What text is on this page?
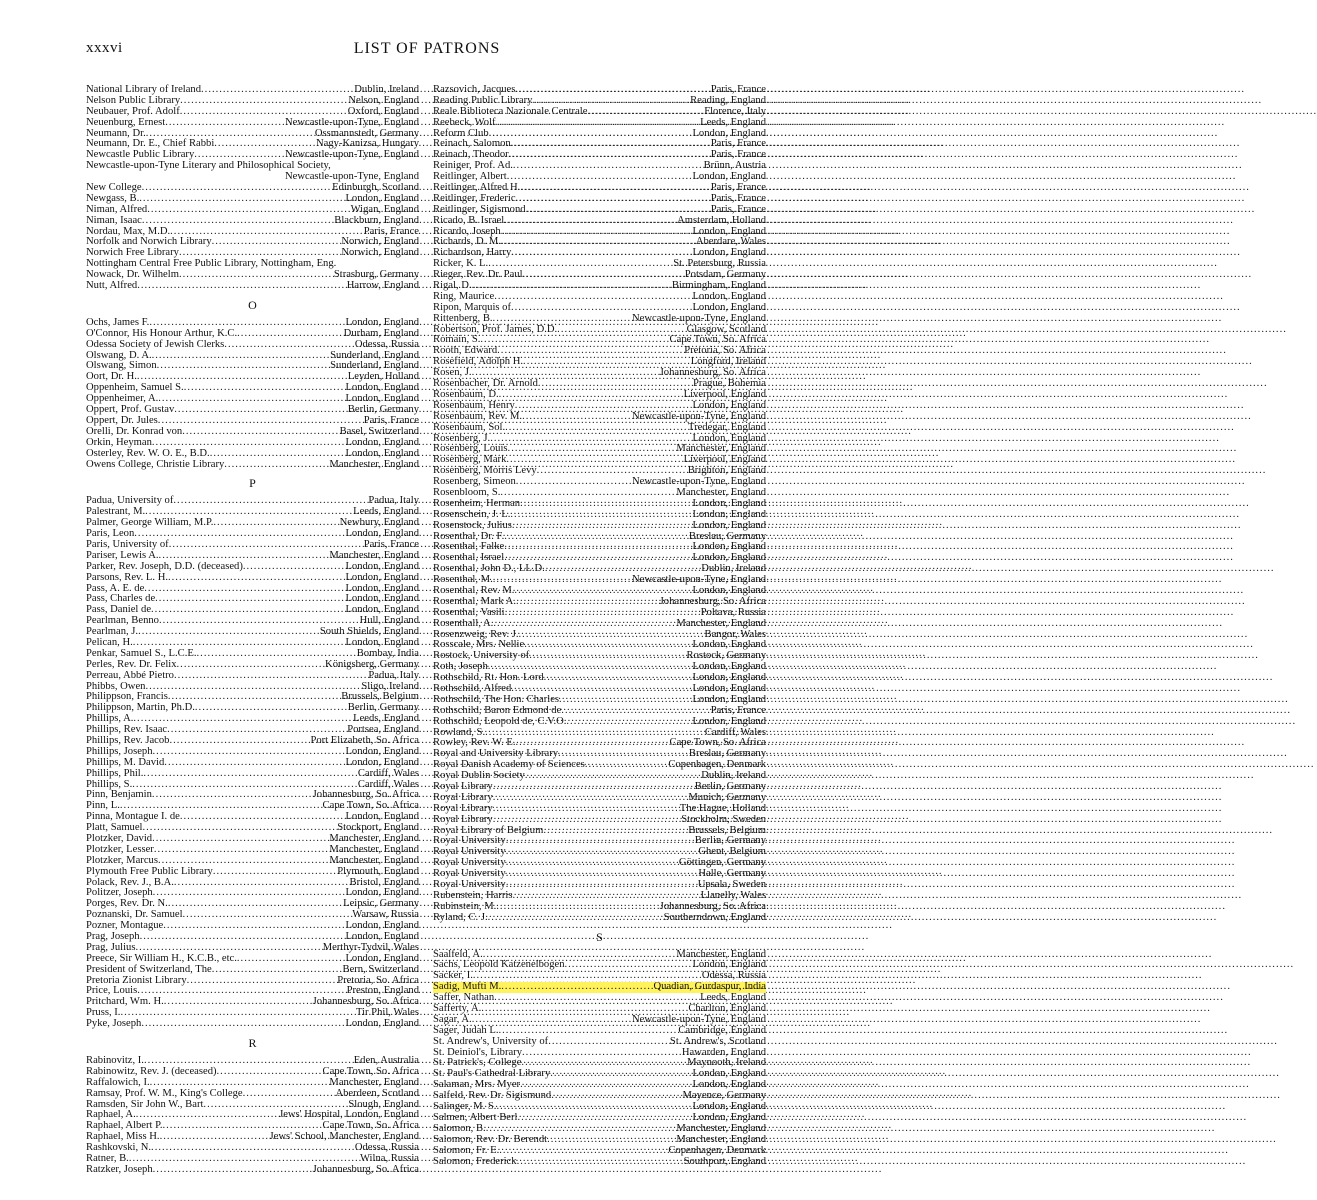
xxxvi	LIST OF PATRONS
National Library of Ireland .....	Dublin, Ireland
Nelson Public Library .....	Nelson, England
Neubauer, Prof. Adolf .....	Oxford, England
Neuenburg, Ernest .....	Newcastle-upon-Tyne, England
Neumann, Dr. .....	Ossmannstedt, Germany
Neumann, Dr. E., Chief Rabbi .....	Nagy-Kanizsa, Hungary
Newcastle Public Library .....	Newcastle-upon-Tyne, England
Newcastle-upon-Tyne Literary and Philosophical Society,
Newcastle-upon-Tyne, England
New College .....	Edinburgh, Scotland
Newgass, B. .....	London, England
Niman, Alfred .....	Wigan, England
Niman, Isaac .....	Blackburn, England
Nordau, Max, M.D. .....	Paris, France
Norfolk and Norwich Library .....	Norwich, England
Norwich Free Library .....	Norwich, England
Nottingham Central Free Public Library, Nottingham, Eng.
Nowack, Dr. Wilhelm .....	Strasburg, Germany
Nutt, Alfred .....	Harrow, England
O
Ochs, James F. .....	London, England
O'Connor, His Honour Arthur, K.C. .....	Durham, England
Odessa Society of Jewish Clerks .....	Odessa, Russia
Olswang, D. A. .....	Sunderland, England
Olswang, Simon .....	Sunderland, England
Oort, Dr. H. .....	Leyden, Holland
Oppenheim, Samuel S. .....	London, England
Oppenheimer, A. .....	London, England
Oppert, Prof. Gustav .....	Berlin, Germany
Oppert, Dr. Jules .....	Paris, France
Orelli, Dr. Konrad von .....	Basel, Switzerland
Orkin, Heyman .....	London, England
Osterley, Rev. W. O. E., B.D. .....	London, England
Owens College, Christie Library .....	Manchester, England
P
Padua, University of .....	Padua, Italy
Palestrant, M. .....	Leeds, England
Palmer, George William, M.P. .....	Newbury, England
Paris, Leon .....	London, England
Paris, University of .....	Paris, France
Pariser, Lewis A. .....	Manchester, England
Parker, Rev. Joseph, D.D. (deceased) .....	London, England
Parsons, Rev. L. H. .....	London, England
Pass, A. E. de .....	London, England
Pass, Charles de .....	London, England
Pass, Daniel de .....	London, England
Pearlman, Benno .....	Hull, England
Pearlman, J. .....	South Shields, England
Pelican, H. .....	London, England
Penkar, Samuel S., L.C.E. .....	Bombay, India
Perles, Rev. Dr. Felix .....	Königsberg, Germany
Perreau, Abbé Pietro .....	Padua, Italy
Phibbs, Owen .....	Sligo, Ireland
Philippson, Francis .....	Brussels, Belgium
Philippson, Martin, Ph.D. .....	Berlin, Germany
Phillips, A. .....	Leeds, England
Phillips, Rev. Isaac .....	Portsea, England
Phillips, Rev. Jacob .....	Port Elizabeth, So. Africa
Phillips, Joseph .....	London, England
Phillips, M. David .....	London, England
Phillips, Phil. .....	Cardiff, Wales
Phillips, S. .....	Cardiff, Wales
Pinn, Benjamin .....	Johannesburg, So. Africa
Pinn, L. .....	Cape Town, So. Africa
Pinna, Montague I. de .....	London, England
Platt, Samuel .....	Stockport, England
Plotzker, David .....	Manchester, England
Plotzker, Lesser .....	Manchester, England
Plotzker, Marcus .....	Manchester, England
Plymouth Free Public Library .....	Plymouth, England
Polack, Rev. J., B.A. .....	Bristol, England
Politzer, Joseph .....	London, England
Porges, Rev. Dr. N. .....	Leipsic, Germany
Poznanski, Dr. Samuel .....	Warsaw, Russia
Pozner, Montague .....	London, England
Prag, Joseph .....	London, England
Prag, Julius .....	Merthyr-Tydvil, Wales
Preece, Sir William H., K.C.B., etc. .....	London, England
President of Switzerland, The .....	Bern, Switzerland
Pretoria Zionist Library .....	Pretoria, So. Africa
Price, Louis .....	Preston, England
Pritchard, Wm. H. .....	Johannesburg, So. Africa
Pruss, I. .....	Tir Phil, Wales
Pyke, Joseph .....	London, England
R
Rabinovitz, I. .....	Eden, Australia
Rabinowitz, Rev. J. (deceased) .....	Cape Town, So. Africa
Raffalowich, I. .....	Manchester, England
Ramsay, Prof. W. M., King's College .....	Aberdeen, Scotland
Ramsden, Sir John W., Bart .....	Slough, England
Raphael, A. .....	Jews' Hospital, London, England
Raphael, Albert P. .....	Cape Town, So. Africa
Raphael, Miss H. .....	Jews' School, Manchester, England
Rashkovski, N. .....	Odessa, Russia
Ratner, B. .....	Wilna, Russia
Ratzker, Joseph .....	Johannesburg, So. Africa
Razsovich, Jacques .....	Paris, France
Reading Public Library .....	Reading, England
Reale Biblioteca Nazionale Centrale .....	Florence, Italy
Reebeck, Wolf .....	Leeds, England
Reform Club .....	London, England
Reinach, Salomon .....	Paris, France
Reinach, Theodor .....	Paris, France
Reiniger, Prof. Ad. .....	Brünn, Austria
Reitlinger, Albert .....	London, England
Reitlinger, Alfred H. .....	Paris, France
Reitlinger, Frederic .....	Paris, France
Reitlinger, Sigismond .....	Paris, France
Ricado, B. Israel .....	Amsterdam, Holland
Ricardo, Joseph .....	London, England
Richards, D. M. .....	Aberdare, Wales
Richardson, Harry .....	London, England
Ricker, K. L. .....	St. Petersburg, Russia
Rieger, Rev. Dr. Paul .....	Potsdam, Germany
Rigal, D. .....	Birmingham, England
Ring, Maurice .....	London, England
Ripon, Marquis of .....	London, England
Rittenberg, B. .....	Newcastle-upon-Tyne, England
Robertson, Prof. James, D.D. .....	Glasgow, Scotland
Romain, S. .....	Cape Town, So. Africa
Rooth, Edward .....	Pretoria, So. Africa
Rosefield, Adolph H. .....	Longford, Ireland
Rosen, J. .....	Johannesburg, So. Africa
Rosenbacher, Dr. Arnold .....	Prague, Bohemia
Rosenbaum, D. .....	Liverpool, England
Rosenbaum, Henry .....	London, England
Rosenbaum, Rev. M. .....	Newcastle-upon-Tyne, England
Rosenbaum, Sol. .....	Tredegar, England
Rosenberg, J. .....	London, England
Rosenberg, Louis .....	Manchester, England
Rosenberg, Mark .....	Liverpool, England
Rosenberg, Morris Levy .....	Brighton, England
Rosenberg, Simeon .....	Newcastle-upon-Tyne, England
Rosenbloom, S. .....	Manchester, England
Rosenheim, Herman .....	London, England
Rosenschein, J. L. .....	London, England
Rosenstock, Julius .....	London, England
Rosenthal, Dr. F. .....	Breslau, Germany
Rosenthal, Falke .....	London, England
Rosenthal, Israel .....	London, England
Rosenthal, John D., LL.D. .....	Dublin, Ireland
Rosenthal, M. .....	Newcastle-upon-Tyne, England
Rosenthal, Rev. M. .....	London, England
Rosenthal, Mark A. .....	Johannesburg, So. Africa
Rosenthal, Vasili .....	Poltava, Russia
Rosenthall, A. .....	Manchester, England
Rosenzweig, Rev. J. .....	Bangor, Wales
Rosscale, Mrs. Nellie .....	London, England
Rostock, University of .....	Rostock, Germany
Roth, Joseph .....	London, England
Rothschild, Rt. Hon. Lord .....	London, England
Rothschild, Alfred .....	London, England
Rothschild, The Hon. Charles .....	London, England
Rothschild, Baron Edmond de .....	Paris, France
Rothschild, Leopold de, C.V.O. .....	London, England
Rowland, S. .....	Cardiff, Wales
Rowley, Rev. W. E. .....	Cape Town, So. Africa
Royal and University Library .....	Breslau, Germany
Royal Danish Academy of Sciences .....	Copenhagen, Denmark
Royal Dublin Society .....	Dublin, Ireland
Royal Library .....	Berlin, Germany
Royal Library .....	Munich, Germany
Royal Library .....	The Hague, Holland
Royal Library .....	Stockholm, Sweden
Royal Library of Belgium .....	Brussels, Belgium
Royal University .....	Berlin, Germany
Royal University .....	Ghent, Belgium
Royal University .....	Göttingen, Germany
Royal University .....	Halle, Germany
Royal University .....	Upsala, Sweden
Rubenstein, Harris .....	Llanelly, Wales
Rubinstein, M. .....	Johannesburg, So. Africa
Ryland, C. J. .....	Southerndown, England
S
Saalfeld, A. .....	Manchester, England
Sachs, Leopold Katzenelbogen .....	London, England
Sacker, I. .....	Odessa, Russia
Sadig, Mufti M. .....	Quadian, Gurdaspur, India
Saffer, Nathan .....	Leeds, England
Safferty, A. .....	Charlton, England
Sagar, A. .....	Newcastle-upon-Tyne, England
Sager, Judah L. .....	Cambridge, England
St. Andrew's, University of .....	St. Andrew's, Scotland
St. Deiniol's, Library .....	Hawarden, England
St. Patrick's, College .....	Maynooth, Ireland
St. Paul's Cathedral Library .....	London, England
Salaman, Mrs. Myer .....	London, England
Salfeld, Rev. Dr. Sigismund .....	Mayence, Germany
Salinger, M. S. .....	London, England
Salmen, Albert Berl .....	London, England
Salomon, B. .....	Manchester, England
Salomon, Rev. Dr. Berendt .....	Manchester, England
Salomon, Fr. E. .....	Copenhagen, Denmark
Salomon, Frederick .....	Southport, England
